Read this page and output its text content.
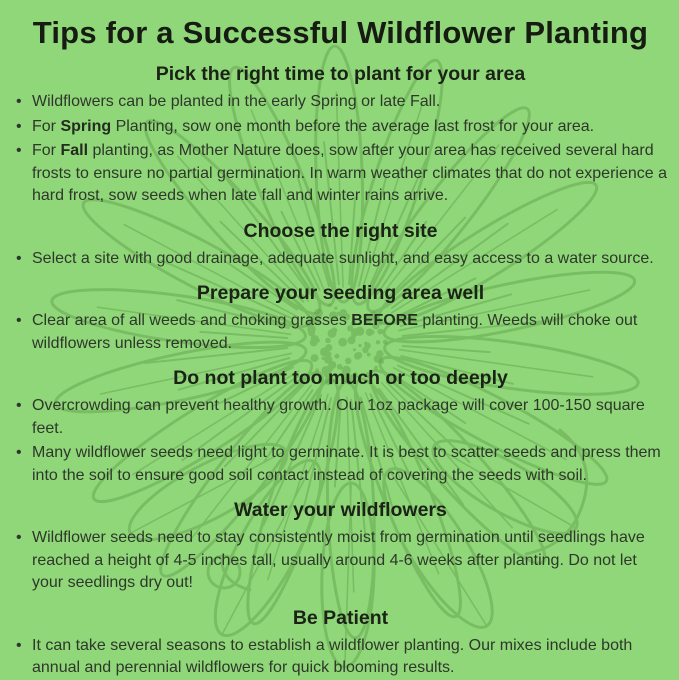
Tips for a Successful Wildflower Planting
Pick the right time to plant for your area
• Wildflowers can be planted in the early Spring or late Fall.
• For Spring Planting, sow one month before the average last frost for your area.
• For Fall planting, as Mother Nature does, sow after your area has received several hard frosts to ensure no partial germination. In warm weather climates that do not experience a hard frost, sow seeds when late fall and winter rains arrive.
Choose the right site
• Select a site with good drainage, adequate sunlight, and easy access to a water source.
Prepare your seeding area well
• Clear area of all weeds and choking grasses BEFORE planting. Weeds will choke out wildflowers unless removed.
Do not plant too much or too deeply
• Overcrowding can prevent healthy growth. Our 1oz package will cover 100-150 square feet.
• Many wildflower seeds need light to germinate. It is best to scatter seeds and press them into the soil to ensure good soil contact instead of covering the seeds with soil.
Water your wildflowers
• Wildflower seeds need to stay consistently moist from germination until seedlings have reached a height of 4-5 inches tall, usually around 4-6 weeks after planting. Do not let your seedlings dry out!
Be Patient
• It can take several seasons to establish a wildflower planting. Our mixes include both annual and perennial wildflowers for quick blooming results.
